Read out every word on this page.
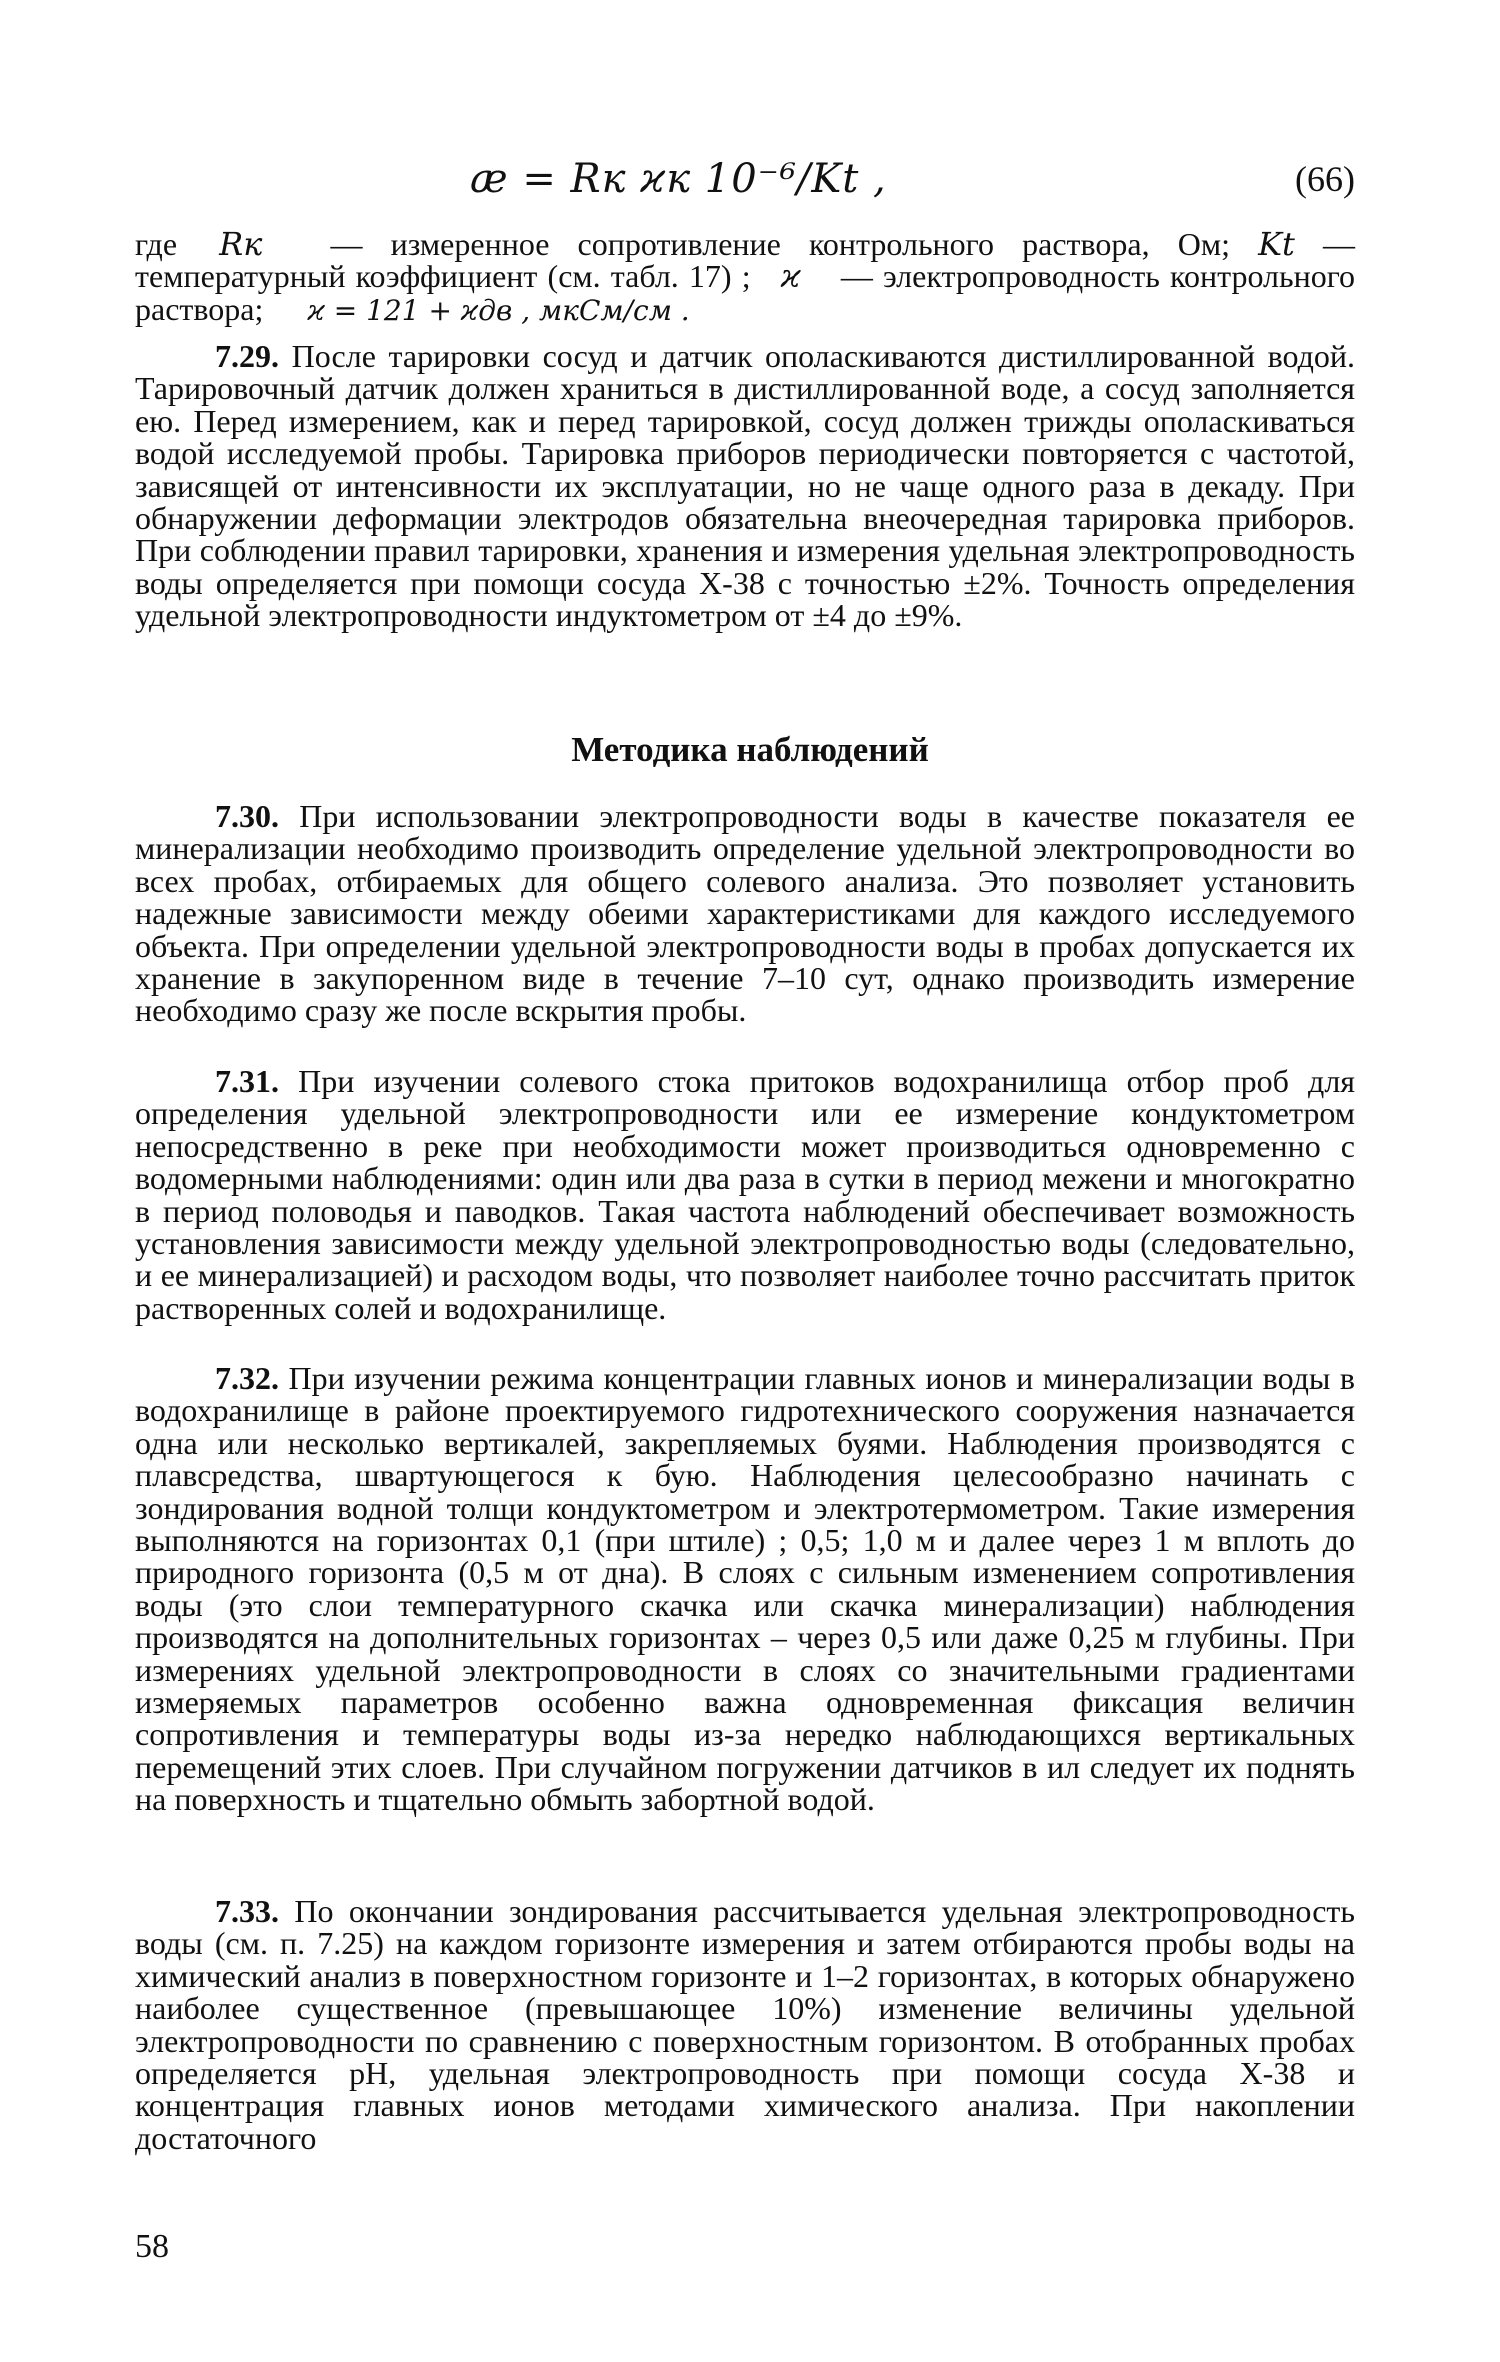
æ = Rк ϰк 10⁻⁶/Kt ,	(66)
где Rк — измеренное сопротивление контрольного раствора, Ом; Kt — температурный коэффициент (см. табл. 17) ; ϰ — электропроводность контрольного раствора; ϰ = 121 + ϰдв , мкСм/см .
7.29. После тарировки сосуд и датчик ополаскиваются дистиллированной водой. Тарировочный датчик должен храниться в дистиллированной воде, а сосуд заполняется ею. Перед измерением, как и перед тарировкой, сосуд должен трижды ополаскиваться водой исследуемой пробы. Тарировка приборов периодически повторяется с частотой, зависящей от интенсивности их эксплуатации, но не чаще одного раза в декаду. При обнаружении деформации электродов обязательна внеочередная тарировка приборов. При соблюдении правил тарировки, хранения и измерения удельная электропроводность воды определяется при помощи сосуда Х-38 с точностью ±2%. Точность определения удельной электропроводности индуктометром от ±4 до ±9%.
Методика наблюдений
7.30. При использовании электропроводности воды в качестве показателя ее минерализации необходимо производить определение удельной электропроводности во всех пробах, отбираемых для общего солевого анализа. Это позволяет установить надежные зависимости между обеими характеристиками для каждого исследуемого объекта. При определении удельной электропроводности воды в пробах допускается их хранение в закупоренном виде в течение 7–10 сут, однако производить измерение необходимо сразу же после вскрытия пробы.
7.31. При изучении солевого стока притоков водохранилища отбор проб для определения удельной электропроводности или ее измерение кондуктометром непосредственно в реке при необходимости может производиться одновременно с водомерными наблюдениями: один или два раза в сутки в период межени и многократно в период половодья и паводков. Такая частота наблюдений обеспечивает возможность установления зависимости между удельной электропроводностью воды (следовательно, и ее минерализацией) и расходом воды, что позволяет наиболее точно рассчитать приток растворенных солей и водохранилище.
7.32. При изучении режима концентрации главных ионов и минерализации воды в водохранилище в районе проектируемого гидротехнического сооружения назначается одна или несколько вертикалей, закрепляемых буями. Наблюдения производятся с плавсредства, швартующегося к бую. Наблюдения целесообразно начинать с зондирования водной толщи кондуктометром и электротермометром. Такие измерения выполняются на горизонтах 0,1 (при штиле) ; 0,5; 1,0 м и далее через 1 м вплоть до природного горизонта (0,5 м от дна). В слоях с сильным изменением сопротивления воды (это слои температурного скачка или скачка минерализации) наблюдения производятся на дополнительных горизонтах – через 0,5 или даже 0,25 м глубины. При измерениях удельной электропроводности в слоях со значительными градиентами измеряемых параметров особенно важна одновременная фиксация величин сопротивления и температуры воды из-за нередко наблюдающихся вертикальных перемещений этих слоев. При случайном погружении датчиков в ил следует их поднять на поверхность и тщательно обмыть забортной водой.
7.33. По окончании зондирования рассчитывается удельная электропроводность воды (см. п. 7.25) на каждом горизонте измерения и затем отбираются пробы воды на химический анализ в поверхностном горизонте и 1–2 горизонтах, в которых обнаружено наиболее существенное (превышающее 10%) изменение величины удельной электропроводности по сравнению с поверхностным горизонтом. В отобранных пробах определяется рН, удельная электропроводность при помощи сосуда Х-38 и концентрация главных ионов методами химического анализа. При накоплении достаточного
58
